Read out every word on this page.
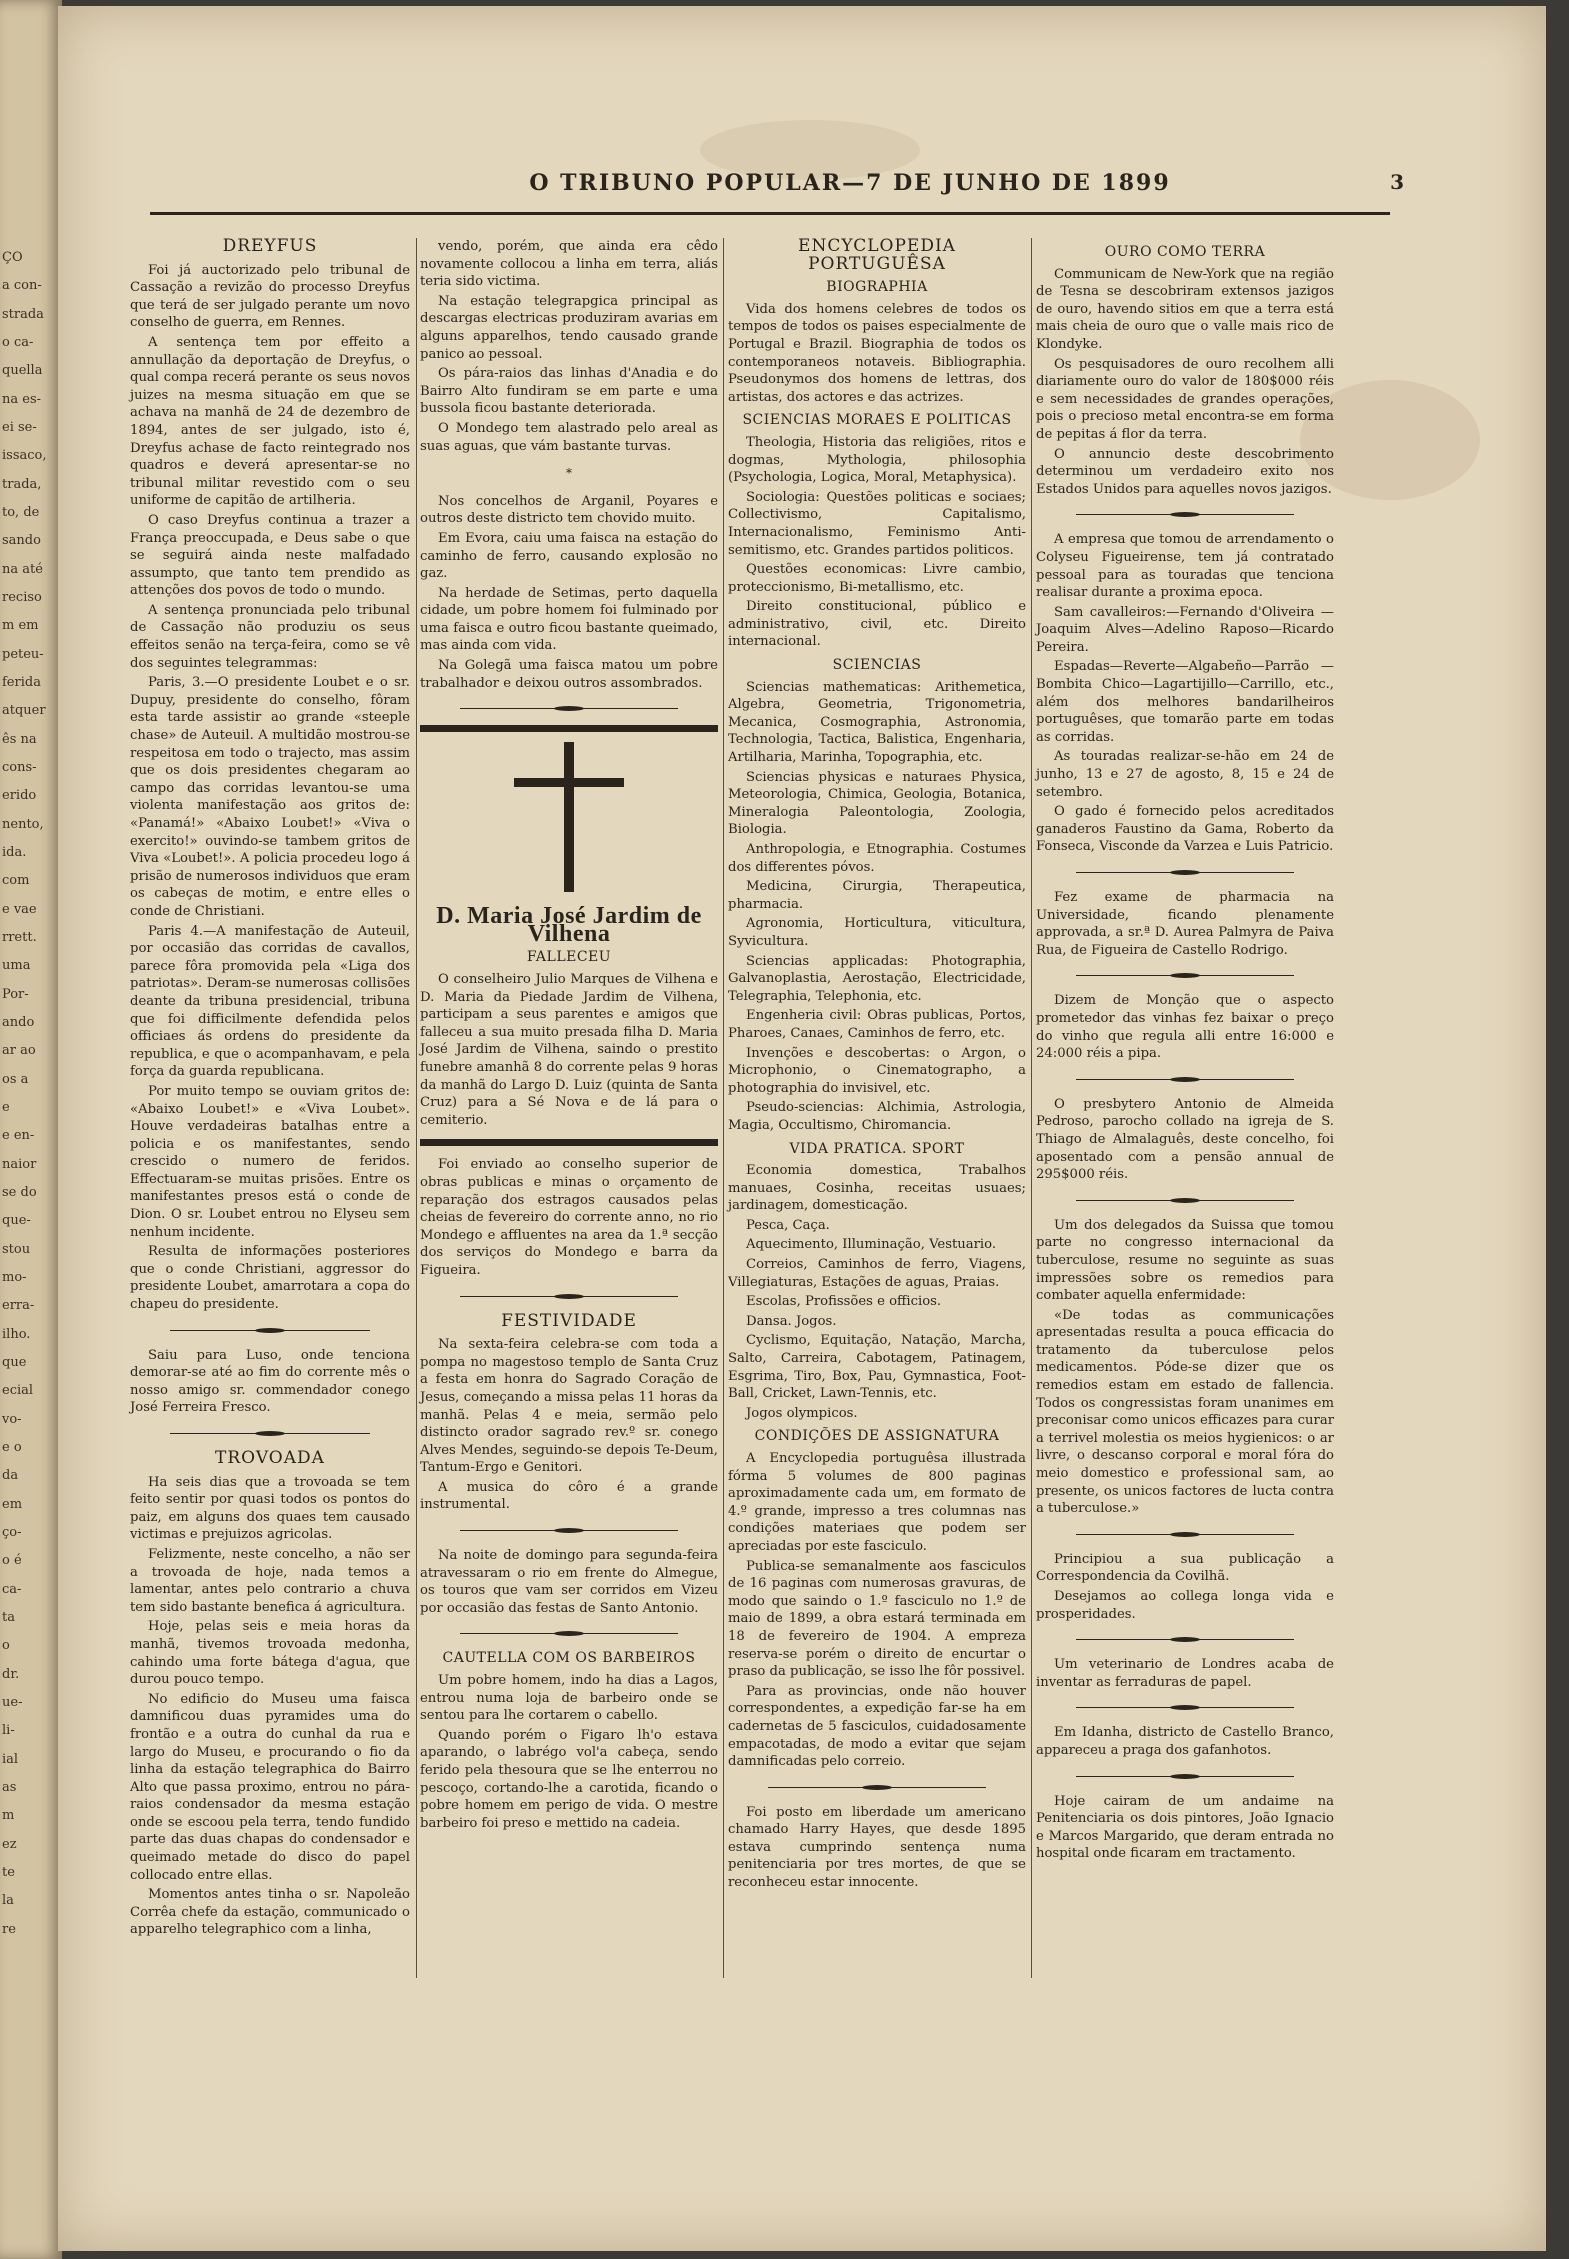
ÇO
a con-
strada
o ca-
quella
na es-
ei se-
issaco,
trada,
to, de
sando
na até
reciso
m em
peteu-
ferida
atquer
ês na
cons-
erido
nento,
ida.
com
e vae
rrett.
uma
Por-
ando
ar ao
os a
e
e en-
naior
se do
que-
stou
mo-
erra-
ilho.
que
ecial
vo-
e o
da
em
ço-
o é
ca-
ta
o
dr.
ue-
li-
ial
as
m
ez
te
la
re
O TRIBUNO POPULAR—7 DE JUNHO DE 1899	3
DREYFUS

Foi já auctorizado pelo tribunal de Cassação a revizão do processo Dreyfus que terá de ser julgado perante um novo conselho de guerra, em Rennes.

A sentença tem por effeito a annullação da deportação de Dreyfus, o qual compa recerá perante os seus novos juizes na mesma situação em que se achava na manhã de 24 de dezembro de 1894, antes de ser julgado, isto é, Dreyfus achase de facto reintegrado nos quadros e deverá apresentar-se no tribunal militar revestido com o seu uniforme de capitão de artilheria.

O caso Dreyfus continua a trazer a França preoccupada, e Deus sabe o que se seguirá ainda neste malfadado assumpto, que tanto tem prendido as attenções dos povos de todo o mundo.

A sentença pronunciada pelo tribunal de Cassação não produziu os seus effeitos senão na terça-feira, como se vê dos seguintes telegrammas:

Paris, 3.—O presidente Loubet e o sr. Dupuy, presidente do conselho, fôram esta tarde assistir ao grande «steeple chase» de Auteuil. A multidão mostrou-se respeitosa em todo o trajecto, mas assim que os dois presidentes chegaram ao campo das corridas levantou-se uma violenta manifestação aos gritos de: «Panamá!» «Abaixo Loubet!» «Viva o exercito!» ouvindo-se tambem gritos de Viva «Loubet!». A policia procedeu logo á prisão de numerosos individuos que eram os cabeças de motim, e entre elles o conde de Christiani.

Paris 4.—A manifestação de Auteuil, por occasião das corridas de cavallos, parece fôra promovida pela «Liga dos patriotas». Deram-se numerosas collisões deante da tribuna presidencial, tribuna que foi difficilmente defendida pelos officiaes ás ordens do presidente da republica, e que o acompanhavam, e pela força da guarda republicana.

Por muito tempo se ouviam gritos de: «Abaixo Loubet!» e «Viva Loubet». Houve verdadeiras batalhas entre a policia e os manifestantes, sendo crescido o numero de feridos. Effectuaram-se muitas prisões. Entre os manifestantes presos está o conde de Dion. O sr. Loubet entrou no Elyseu sem nenhum incidente.

Resulta de informações posteriores que o conde Christiani, aggressor do presidente Loubet, amarrotara a copa do chapeu do presidente.

Saiu para Luso, onde tenciona demorar-se até ao fim do corrente mês o nosso amigo sr. commendador conego José Ferreira Fresco.

TROVOADA

Ha seis dias que a trovoada se tem feito sentir por quasi todos os pontos do paiz, em alguns dos quaes tem causado victimas e prejuizos agricolas.

Felizmente, neste concelho, a não ser a trovoada de hoje, nada temos a lamentar, antes pelo contrario a chuva tem sido bastante benefica á agricultura.

Hoje, pelas seis e meia horas da manhã, tivemos trovoada medonha, cahindo uma forte bátega d'agua, que durou pouco tempo.

No edificio do Museu uma faisca damnificou duas pyramides uma do frontão e a outra do cunhal da rua e largo do Museu, e procurando o fio da linha da estação telegraphica do Bairro Alto que passa proximo, entrou no pára-raios condensador da mesma estação onde se escoou pela terra, tendo fundido parte das duas chapas do condensador e queimado metade do disco do papel collocado entre ellas.

Momentos antes tinha o sr. Napoleão Corrêa chefe da estação, communicado o apparelho telegraphico com a linha,

vendo, porém, que ainda era cêdo novamente collocou a linha em terra, aliás teria sido victima.

Na estação telegrapgica principal as descargas electricas produziram avarias em alguns apparelhos, tendo causado grande panico ao pessoal.

Os pára-raios das linhas d'Anadia e do Bairro Alto fundiram se em parte e uma bussola ficou bastante deteriorada.

O Mondego tem alastrado pelo areal as suas aguas, que vám bastante turvas.

*

Nos concelhos de Arganil, Poyares e outros deste districto tem chovido muito.

Em Evora, caiu uma faisca na estação do caminho de ferro, causando explosão no gaz.

Na herdade de Setimas, perto daquella cidade, um pobre homem foi fulminado por uma faisca e outro ficou bastante queimado, mas ainda com vida.

Na Golegã uma faisca matou um pobre trabalhador e deixou outros assombrados.

D. Maria José Jardim de Vilhena
FALLECEU

O conselheiro Julio Marques de Vilhena e D. Maria da Piedade Jardim de Vilhena, participam a seus parentes e amigos que falleceu a sua muito presada filha D. Maria José Jardim de Vilhena, saindo o prestito funebre amanhã 8 do corrente pelas 9 horas da manhã do Largo D. Luiz (quinta de Santa Cruz) para a Sé Nova e de lá para o cemiterio.

Foi enviado ao conselho superior de obras publicas e minas o orçamento de reparação dos estragos causados pelas cheias de fevereiro do corrente anno, no rio Mondego e affluentes na area da 1.ª secção dos serviços do Mondego e barra da Figueira.

FESTIVIDADE

Na sexta-feira celebra-se com toda a pompa no magestoso templo de Santa Cruz a festa em honra do Sagrado Coração de Jesus, começando a missa pelas 11 horas da manhã. Pelas 4 e meia, sermão pelo distincto orador sagrado rev.º sr. conego Alves Mendes, seguindo-se depois Te-Deum, Tantum-Ergo e Genitori.

A musica do côro é a grande instrumental.

Na noite de domingo para segunda-feira atravessaram o rio em frente do Almegue, os touros que vam ser corridos em Vizeu por occasião das festas de Santo Antonio.

CAUTELLA COM OS BARBEIROS

Um pobre homem, indo ha dias a Lagos, entrou numa loja de barbeiro onde se sentou para lhe cortarem o cabello.

Quando porém o Figaro lh'o estava aparando, o labrégo vol'a cabeça, sendo ferido pela thesoura que se lhe enterrou no pescoço, cortando-lhe a carotida, ficando o pobre homem em perigo de vida. O mestre barbeiro foi preso e mettido na cadeia.

ENCYCLOPEDIA PORTUGUÊSA
BIOGRAPHIA

Vida dos homens celebres de todos os tempos de todos os paises especialmente de Portugal e Brazil. Biographia de todos os contemporaneos notaveis. Bibliographia. Pseudonymos dos homens de lettras, dos artistas, dos actores e das actrizes.

SCIENCIAS MORAES E POLITICAS

Theologia, Historia das religiões, ritos e dogmas, Mythologia, philosophia (Psychologia, Logica, Moral, Metaphysica).

Sociologia: Questões politicas e sociaes; Collectivismo, Capitalismo, Internacionalismo, Feminismo Anti-semitismo, etc. Grandes partidos politicos.

Questões economicas: Livre cambio, proteccionismo, Bi-metallismo, etc.

Direito constitucional, público e administrativo, civil, etc. Direito internacional.

SCIENCIAS

Sciencias mathematicas: Arithemetica, Algebra, Geometria, Trigonometria, Mecanica, Cosmographia, Astronomia, Technologia, Tactica, Balistica, Engenharia, Artilharia, Marinha, Topographia, etc.

Sciencias physicas e naturaes Physica, Meteorologia, Chimica, Geologia, Botanica, Mineralogia Paleontologia, Zoologia, Biologia.

Anthropologia, e Etnographia. Costumes dos differentes póvos.

Medicina, Cirurgia, Therapeutica, pharmacia.

Agronomia, Horticultura, viticultura, Syvicultura.

Sciencias applicadas: Photographia, Galvanoplastia, Aerostação, Electricidade, Telegraphia, Telephonia, etc.

Engenheria civil: Obras publicas, Portos, Pharoes, Canaes, Caminhos de ferro, etc.

Invenções e descobertas: o Argon, o Microphonio, o Cinematographo, a photographia do invisivel, etc.

Pseudo-sciencias: Alchimia, Astrologia, Magia, Occultismo, Chiromancia.

VIDA PRATICA. SPORT

Economia domestica, Trabalhos manuaes, Cosinha, receitas usuaes; jardinagem, domesticação.

Pesca, Caça.

Aquecimento, Illuminação, Vestuario.

Correios, Caminhos de ferro, Viagens, Villegiaturas, Estações de aguas, Praias.

Escolas, Profissões e officios.

Dansa. Jogos.

Cyclismo, Equitação, Natação, Marcha, Salto, Carreira, Cabotagem, Patinagem, Esgrima, Tiro, Box, Pau, Gymnastica, Foot-Ball, Cricket, Lawn-Tennis, etc.

Jogos olympicos.

CONDIÇÕES DE ASSIGNATURA

A Encyclopedia portuguêsa illustrada fórma 5 volumes de 800 paginas aproximadamente cada um, em formato de 4.º grande, impresso a tres columnas nas condições materiaes que podem ser apreciadas por este fasciculo.

Publica-se semanalmente aos fasciculos de 16 paginas com numerosas gravuras, de modo que saindo o 1.º fasciculo no 1.º de maio de 1899, a obra estará terminada em 18 de fevereiro de 1904. A empreza reserva-se porém o direito de encurtar o praso da publicação, se isso lhe fôr possivel.

Para as provincias, onde não houver correspondentes, a expedição far-se ha em cadernetas de 5 fasciculos, cuidadosamente empacotadas, de modo a evitar que sejam damnificadas pelo correio.

Foi posto em liberdade um americano chamado Harry Hayes, que desde 1895 estava cumprindo sentença numa penitenciaria por tres mortes, de que se reconheceu estar innocente.

OURO COMO TERRA

Communicam de New-York que na região de Tesna se descobriram extensos jazigos de ouro, havendo sitios em que a terra está mais cheia de ouro que o valle mais rico de Klondyke.

Os pesquisadores de ouro recolhem alli diariamente ouro do valor de 180$000 réis e sem necessidades de grandes operações, pois o precioso metal encontra-se em forma de pepitas á flor da terra.

O annuncio deste descobrimento determinou um verdadeiro exito nos Estados Unidos para aquelles novos jazigos.

A empresa que tomou de arrendamento o Colyseu Figueirense, tem já contratado pessoal para as touradas que tenciona realisar durante a proxima epoca.

Sam cavalleiros:—Fernando d'Oliveira —Joaquim Alves—Adelino Raposo—Ricardo Pereira.

Espadas—Reverte—Algabeño—Parrão —Bombita Chico—Lagartijillo—Carrillo, etc., além dos melhores bandarilheiros portuguêses, que tomarão parte em todas as corridas.

As touradas realizar-se-hão em 24 de junho, 13 e 27 de agosto, 8, 15 e 24 de setembro.

O gado é fornecido pelos acreditados ganaderos Faustino da Gama, Roberto da Fonseca, Visconde da Varzea e Luis Patricio.

Fez exame de pharmacia na Universidade, ficando plenamente approvada, a sr.ª D. Aurea Palmyra de Paiva Rua, de Figueira de Castello Rodrigo.

Dizem de Monção que o aspecto prometedor das vinhas fez baixar o preço do vinho que regula alli entre 16:000 e 24:000 réis a pipa.

O presbytero Antonio de Almeida Pedroso, parocho collado na igreja de S. Thiago de Almalaguês, deste concelho, foi aposentado com a pensão annual de 295$000 réis.

Um dos delegados da Suissa que tomou parte no congresso internacional da tuberculose, resume no seguinte as suas impressões sobre os remedios para combater aquella enfermidade:

«De todas as communicações apresentadas resulta a pouca efficacia do tratamento da tuberculose pelos medicamentos. Póde-se dizer que os remedios estam em estado de fallencia. Todos os congressistas foram unanimes em preconisar como unicos efficazes para curar a terrivel molestia os meios hygienicos: o ar livre, o descanso corporal e moral fóra do meio domestico e professional sam, ao presente, os unicos factores de lucta contra a tuberculose.»

Principiou a sua publicação a Correspondencia da Covilhã.

Desejamos ao collega longa vida e prosperidades.

Um veterinario de Londres acaba de inventar as ferraduras de papel.

Em Idanha, districto de Castello Branco, appareceu a praga dos gafanhotos.

Hoje cairam de um andaime na Penitenciaria os dois pintores, João Ignacio e Marcos Margarido, que deram entrada no hospital onde ficaram em tractamento.
